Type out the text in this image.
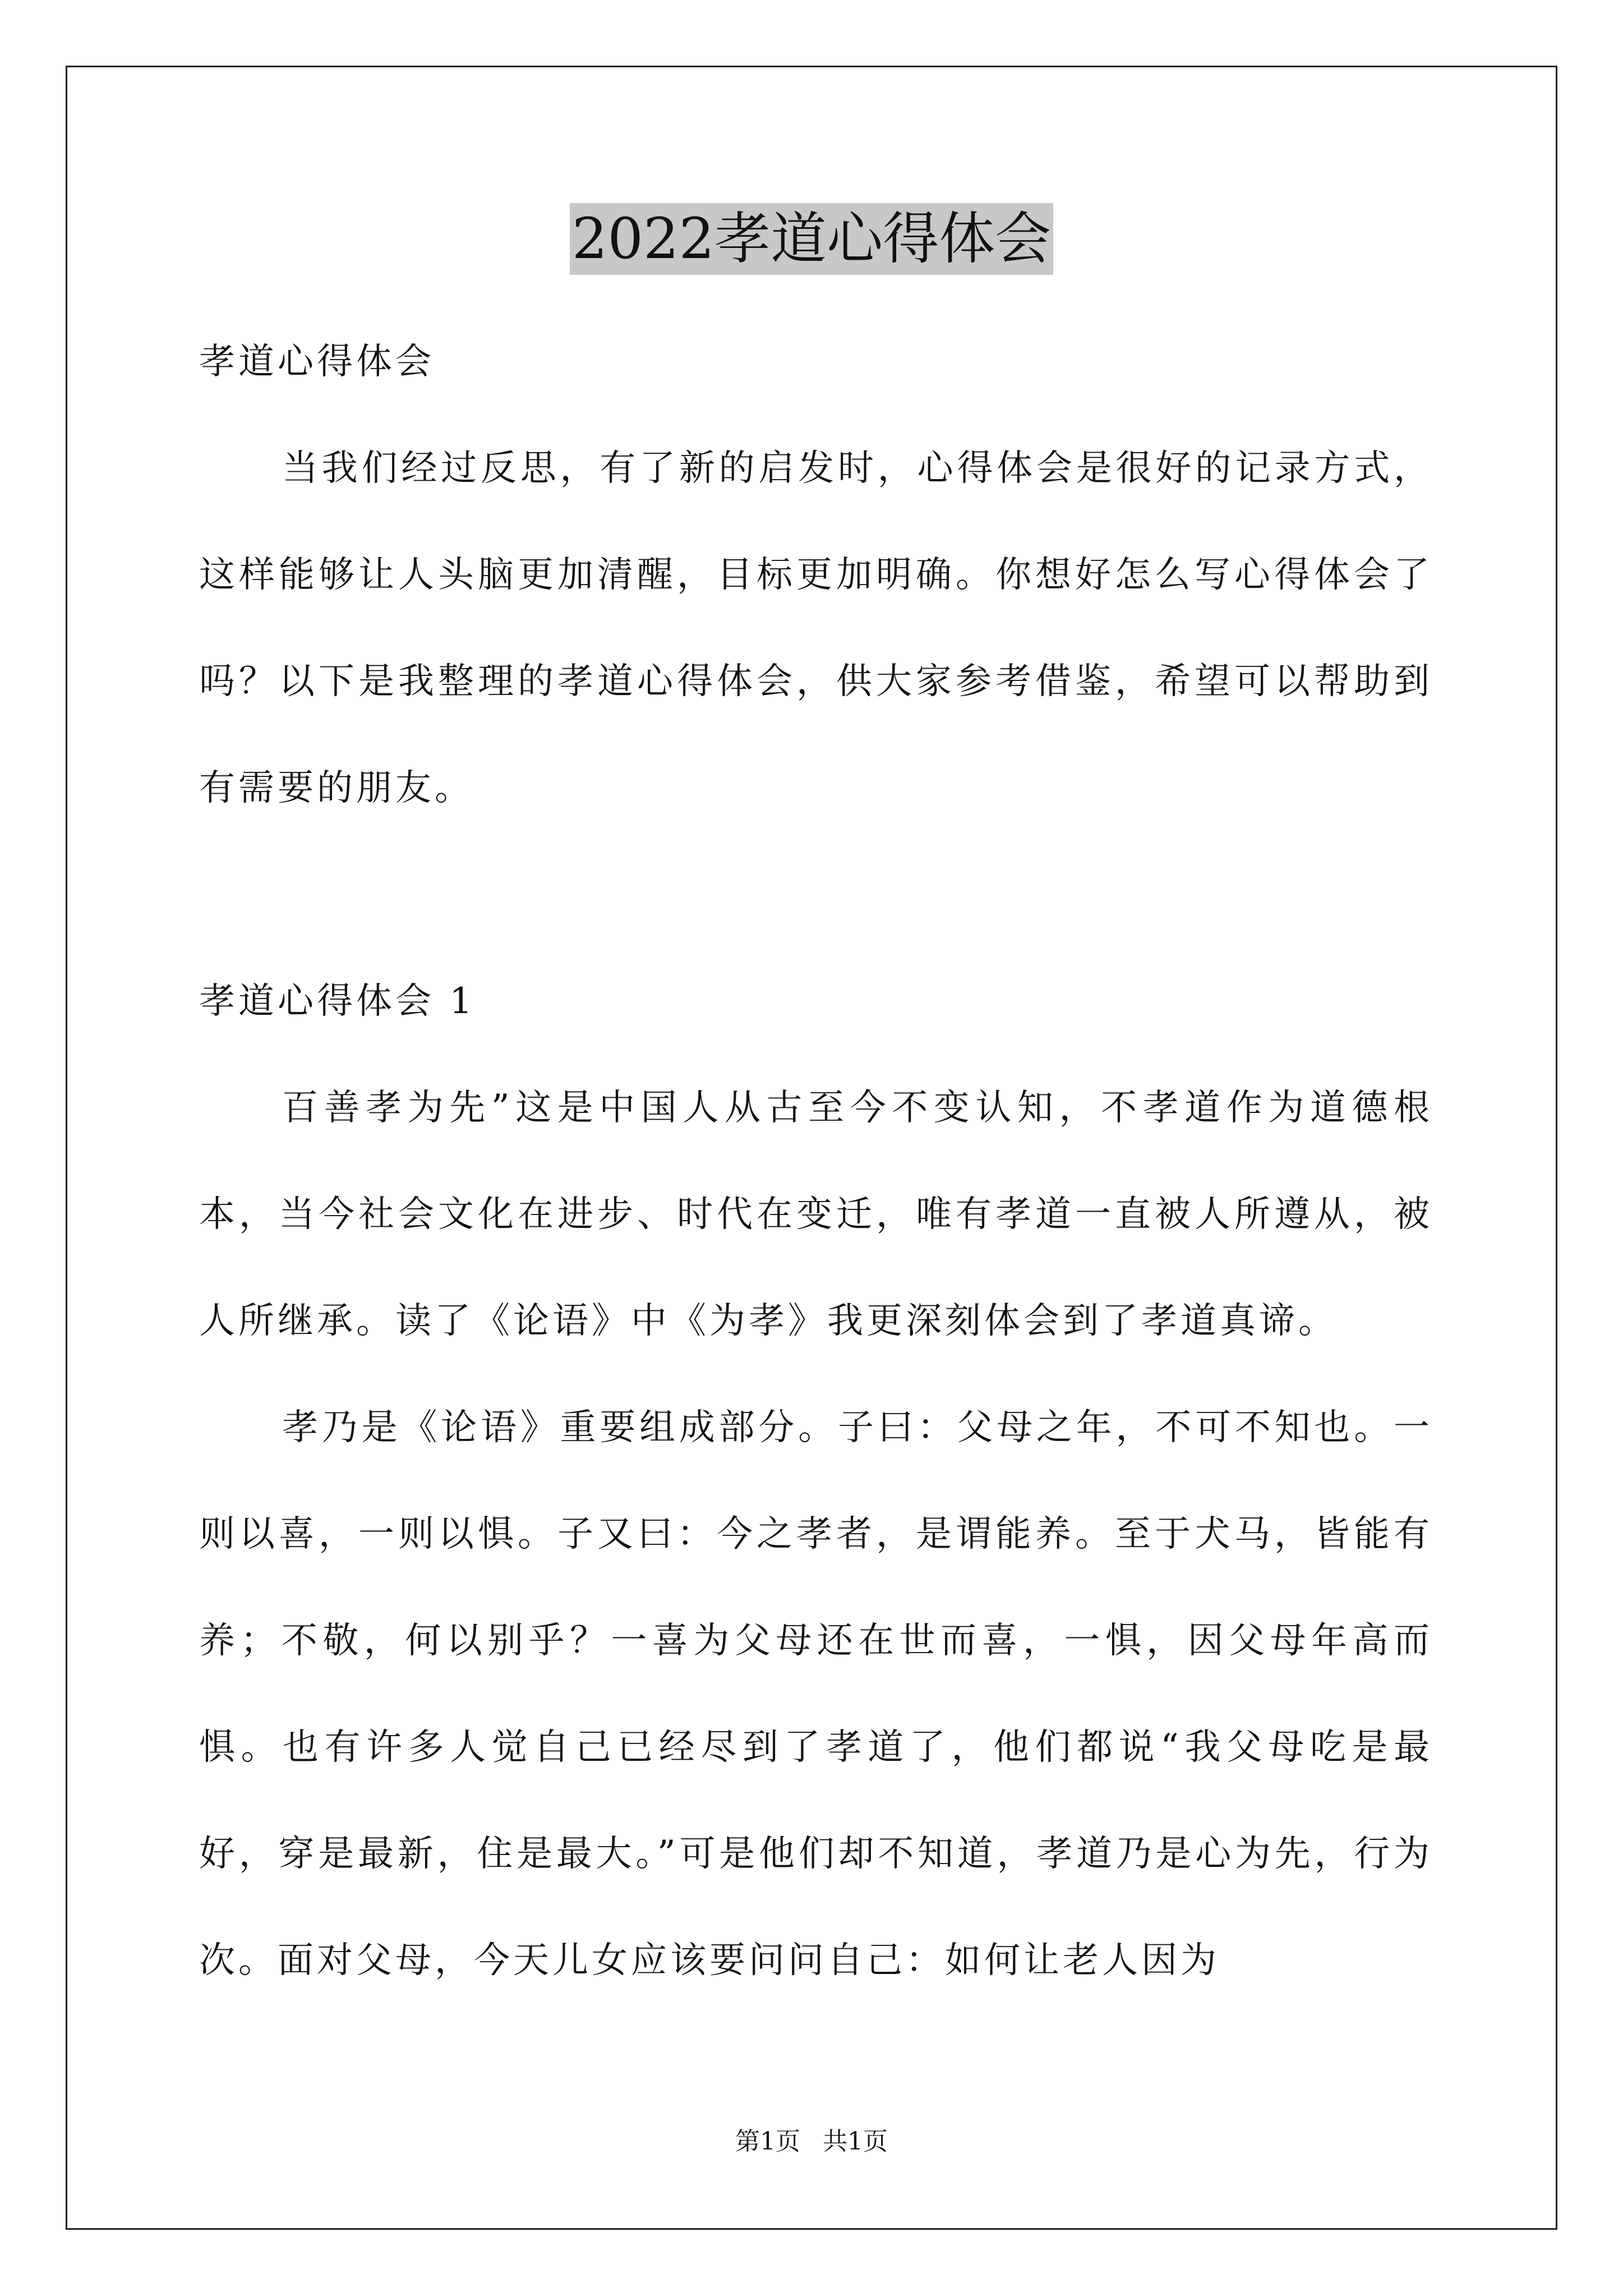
2022孝道心得体会

孝道心得体会

当我们经过反思，有了新的启发时，心得体会是很好的记录方式，这样能够让人头脑更加清醒，目标更加明确。你想好怎么写心得体会了吗？以下是我整理的孝道心得体会，供大家参考借鉴，希望可以帮助到有需要的朋友。

孝道心得体会 1

百善孝为先”这是中国人从古至今不变认知，不孝道作为道德根本，当今社会文化在进步、时代在变迁，唯有孝道一直被人所遵从，被人所继承。读了《论语》中《为孝》我更深刻体会到了孝道真谛。

孝乃是《论语》重要组成部分。子曰：父母之年，不可不知也。一则以喜，一则以惧。子又曰：今之孝者，是谓能养。至于犬马，皆能有养；不敬，何以别乎？一喜为父母还在世而喜，一惧，因父母年高而惧。也有许多人觉自己已经尽到了孝道了，他们都说“我父母吃是最好，穿是最新，住是最大。”可是他们却不知道，孝道乃是心为先，行为次。面对父母，今天儿女应该要问问自己：如何让老人因为

第1页 共1页
